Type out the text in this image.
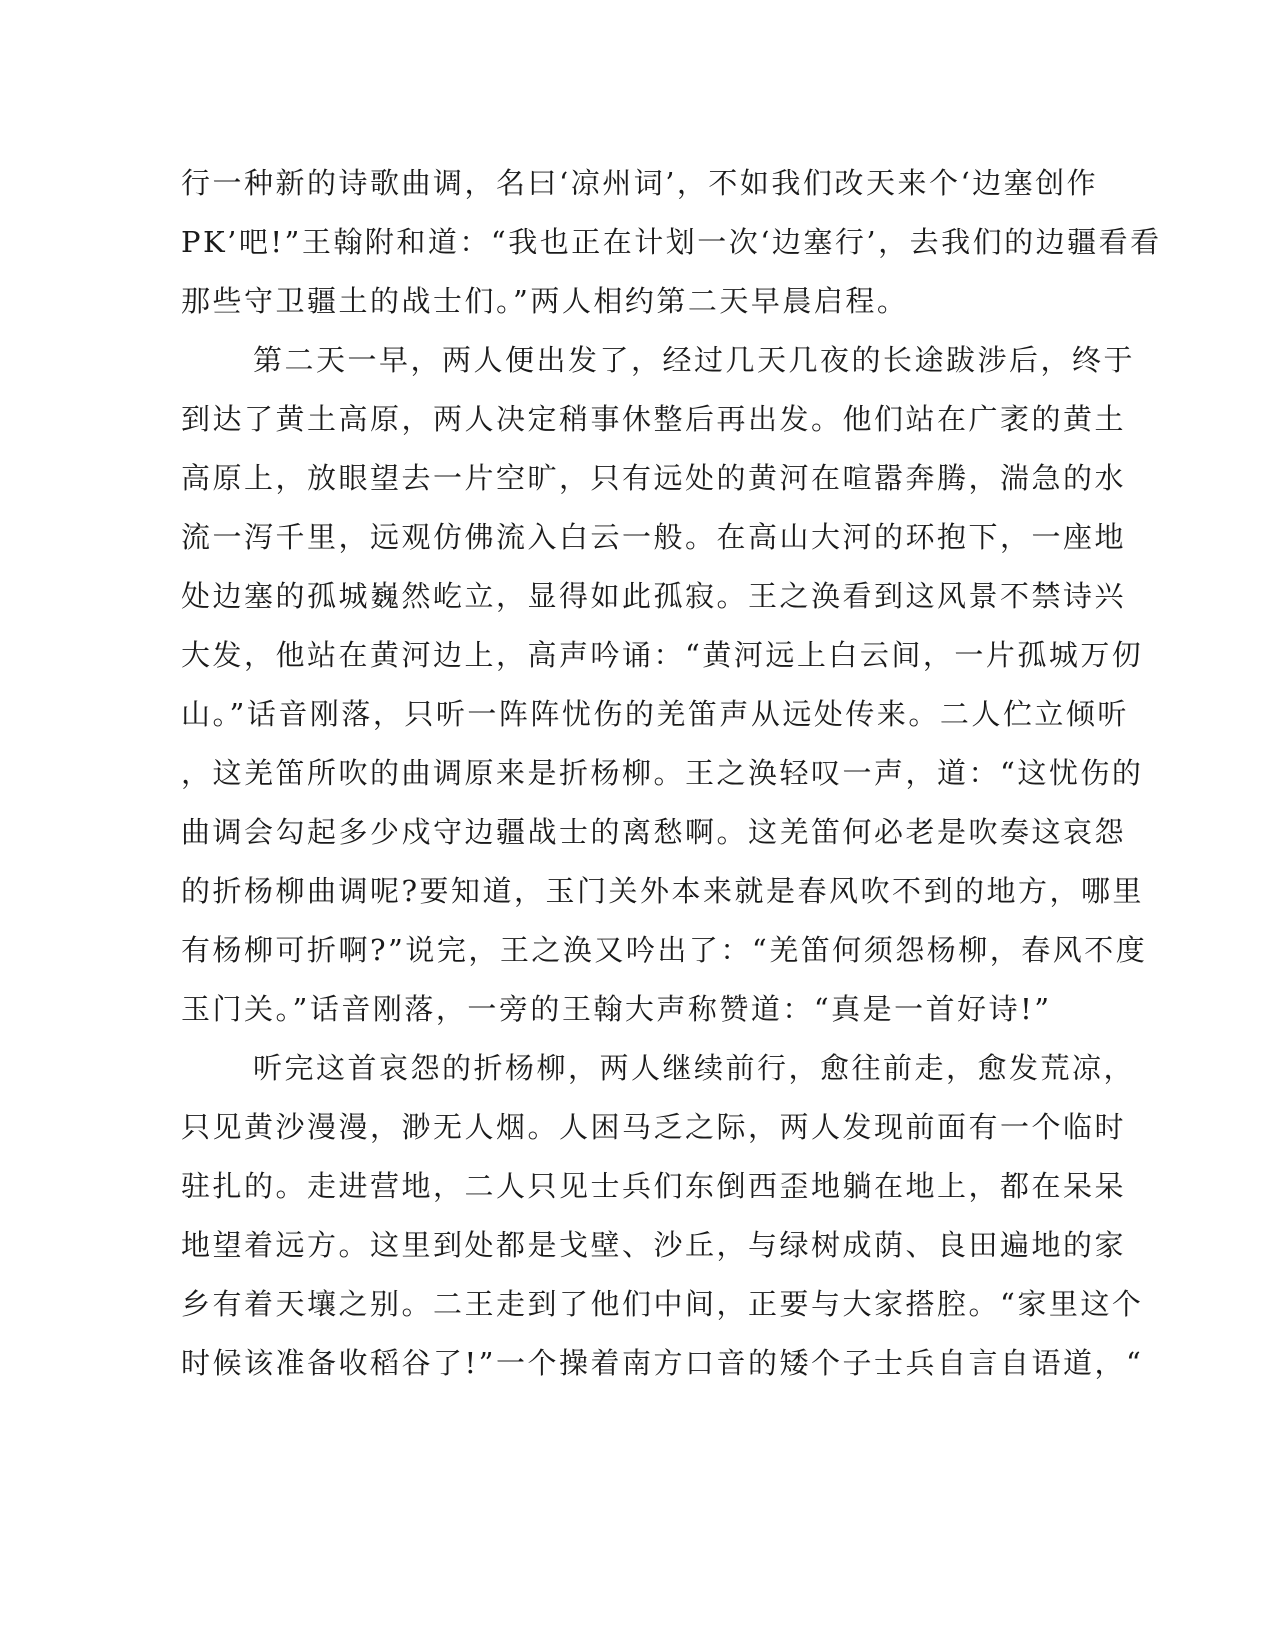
行一种新的诗歌曲调，名曰‘凉州词’，不如我们改天来个‘边塞创作
PK’吧!”王翰附和道：“我也正在计划一次‘边塞行’，去我们的边疆看看
那些守卫疆土的战士们。”两人相约第二天早晨启程。
第二天一早，两人便出发了，经过几天几夜的长途跋涉后，终于
到达了黄土高原，两人决定稍事休整后再出发。他们站在广袤的黄土
高原上，放眼望去一片空旷，只有远处的黄河在喧嚣奔腾，湍急的水
流一泻千里，远观仿佛流入白云一般。在高山大河的环抱下，一座地
处边塞的孤城巍然屹立，显得如此孤寂。王之涣看到这风景不禁诗兴
大发，他站在黄河边上，高声吟诵：“黄河远上白云间，一片孤城万仞
山。”话音刚落，只听一阵阵忧伤的羌笛声从远处传来。二人伫立倾听
，这羌笛所吹的曲调原来是折杨柳。王之涣轻叹一声，道：“这忧伤的
曲调会勾起多少戍守边疆战士的离愁啊。这羌笛何必老是吹奏这哀怨
的折杨柳曲调呢?要知道，玉门关外本来就是春风吹不到的地方，哪里
有杨柳可折啊?”说完，王之涣又吟出了：“羌笛何须怨杨柳，春风不度
玉门关。”话音刚落，一旁的王翰大声称赞道：“真是一首好诗!”
听完这首哀怨的折杨柳，两人继续前行，愈往前走，愈发荒凉，
只见黄沙漫漫，渺无人烟。人困马乏之际，两人发现前面有一个临时
驻扎的。走进营地，二人只见士兵们东倒西歪地躺在地上，都在呆呆
地望着远方。这里到处都是戈壁、沙丘，与绿树成荫、良田遍地的家
乡有着天壤之别。二王走到了他们中间，正要与大家搭腔。“家里这个
时候该准备收稻谷了!”一个操着南方口音的矮个子士兵自言自语道，“
